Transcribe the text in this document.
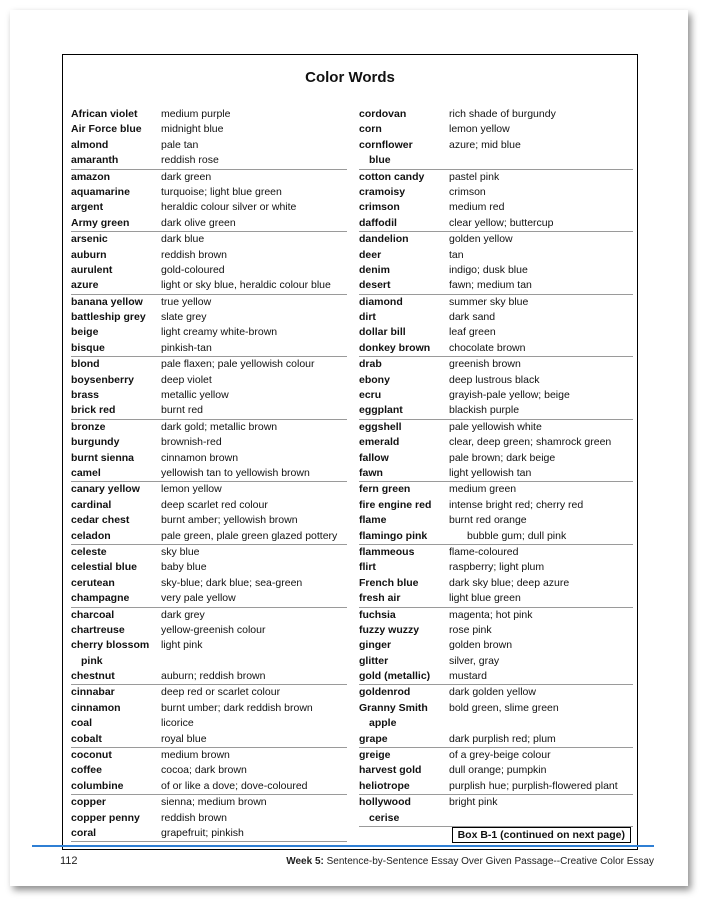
Color Words
African violet	medium purple
Air Force blue	midnight blue
almond	pale tan
amaranth	reddish rose
amazon	dark green
aquamarine	turquoise; light blue green
argent	heraldic colour silver or white
Army green	dark olive green
arsenic	dark blue
auburn	reddish brown
aurulent	gold-coloured
azure	light or sky blue, heraldic colour blue
banana yellow	true yellow
battleship grey	slate grey
beige	light creamy white-brown
bisque	pinkish-tan
blond	pale flaxen; pale yellowish colour
boysenberry	deep violet
brass	metallic yellow
brick red	burnt red
bronze	dark gold; metallic brown
burgundy	brownish-red
burnt sienna	cinnamon brown
camel	yellowish tan to yellowish brown
canary yellow	lemon yellow
cardinal	deep scarlet red colour
cedar chest	burnt amber; yellowish brown
celadon	pale green, plale green glazed pottery
celeste	sky blue
celestial blue	baby blue
cerutean	sky-blue; dark blue; sea-green
champagne	very pale yellow
charcoal	dark grey
chartreuse	yellow-greenish colour
cherry blossom	light pink
pink
chestnut	auburn; reddish brown
cinnabar	deep red or scarlet colour
cinnamon	burnt umber; dark reddish brown
coal	licorice
cobalt	royal blue
coconut	medium brown
coffee	cocoa; dark brown
columbine	of or like a dove; dove-coloured
copper	sienna; medium brown
copper penny	reddish brown
coral	grapefruit; pinkish
cordovan	rich shade of burgundy
corn	lemon yellow
cornflower	azure; mid blue
blue
cotton candy	pastel pink
cramoisy	crimson
crimson	medium red
daffodil	clear yellow; buttercup
dandelion	golden yellow
deer	tan
denim	indigo; dusk blue
desert	fawn; medium tan
diamond	summer sky blue
dirt	dark sand
dollar bill	leaf green
donkey brown	chocolate brown
drab	greenish brown
ebony	deep lustrous black
ecru	grayish-pale yellow; beige
eggplant	blackish purple
eggshell	pale yellowish white
emerald	clear, deep green; shamrock green
fallow	pale brown; dark beige
fawn	light yellowish tan
fern green	medium green
fire engine red	intense bright red; cherry red
flame	burnt red orange
flamingo pink	bubble gum; dull pink
flammeous	flame-coloured
flirt	raspberry; light plum
French blue	dark sky blue; deep azure
fresh air	light blue green
fuchsia	magenta; hot pink
fuzzy wuzzy	rose pink
ginger	golden brown
glitter	silver, gray
gold (metallic)	mustard
goldenrod	dark golden yellow
Granny Smith	bold green, slime green
apple
grape	dark purplish red; plum
greige	of a grey-beige colour
harvest gold	dull orange; pumpkin
heliotrope	purplish hue; purplish-flowered plant
hollywood	bright pink
cerise
Box B-1 (continued on next page)
112	Week 5: Sentence-by-Sentence Essay Over Given Passage--Creative Color Essay
